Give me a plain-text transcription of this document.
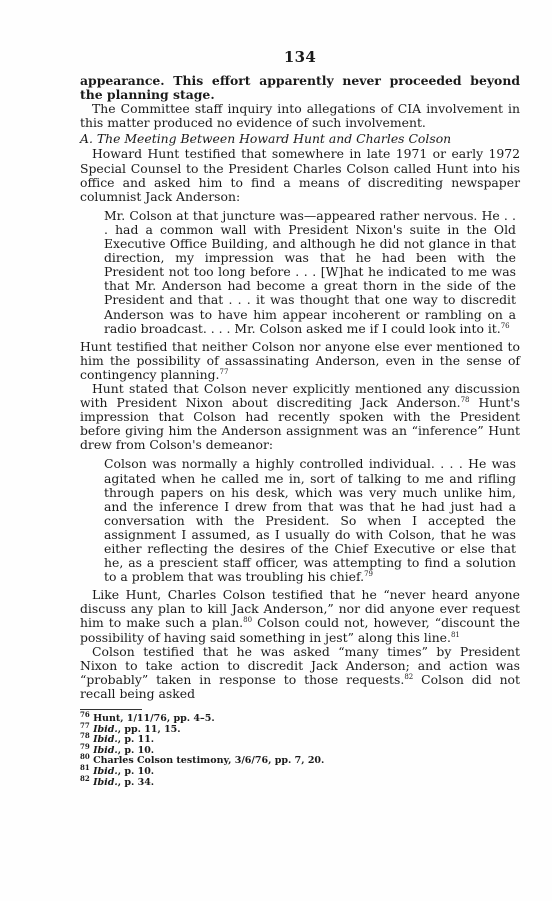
134

appearance. This effort apparently never proceeded beyond the planning stage.

The Committee staff inquiry into allegations of CIA involvement in this matter produced no evidence of such involvement.

A. The Meeting Between Howard Hunt and Charles Colson

Howard Hunt testified that somewhere in late 1971 or early 1972 Special Counsel to the President Charles Colson called Hunt into his office and asked him to find a means of discrediting newspaper columnist Jack Anderson:

Mr. Colson at that juncture was—appeared rather nervous. He . . . had a common wall with President Nixon's suite in the Old Executive Office Building, and although he did not glance in that direction, my impression was that he had been with the President not too long before . . . [W]hat he indicated to me was that Mr. Anderson had become a great thorn in the side of the President and that . . . it was thought that one way to discredit Anderson was to have him appear incoherent or rambling on a radio broadcast. . . . Mr. Colson asked me if I could look into it.$^{76}$

Hunt testified that neither Colson nor anyone else ever mentioned to him the possibility of assassinating Anderson, even in the sense of contingency planning.$^{77}$

Hunt stated that Colson never explicitly mentioned any discussion with President Nixon about discrediting Jack Anderson.$^{78}$ Hunt's impression that Colson had recently spoken with the President before giving him the Anderson assignment was an “inference” Hunt drew from Colson's demeanor:

Colson was normally a highly controlled individual. . . . He was agitated when he called me in, sort of talking to me and rifling through papers on his desk, which was very much unlike him, and the inference I drew from that was that he had just had a conversation with the President. So when I accepted the assignment I assumed, as I usually do with Colson, that he was either reflecting the desires of the Chief Executive or else that he, as a prescient staff officer, was attempting to find a solution to a problem that was troubling his chief.$^{79}$

Like Hunt, Charles Colson testified that he “never heard anyone discuss any plan to kill Jack Anderson,” nor did anyone ever request him to make such a plan.$^{80}$ Colson could not, however, “discount the possibility of having said something in jest” along this line.$^{81}$

Colson testified that he was asked “many times” by President Nixon to take action to discredit Jack Anderson; and action was “probably” taken in response to those requests.$^{82}$ Colson did not recall being asked

$^{76}$ Hunt, 1/11/76, pp. 4–5.

$^{77}$ Ibid., pp. 11, 15.

$^{78}$ Ibid., p. 11.

$^{79}$ Ibid., p. 10.

$^{80}$ Charles Colson testimony, 3/6/76, pp. 7, 20.

$^{81}$ Ibid., p. 10.

$^{82}$ Ibid., p. 34.
